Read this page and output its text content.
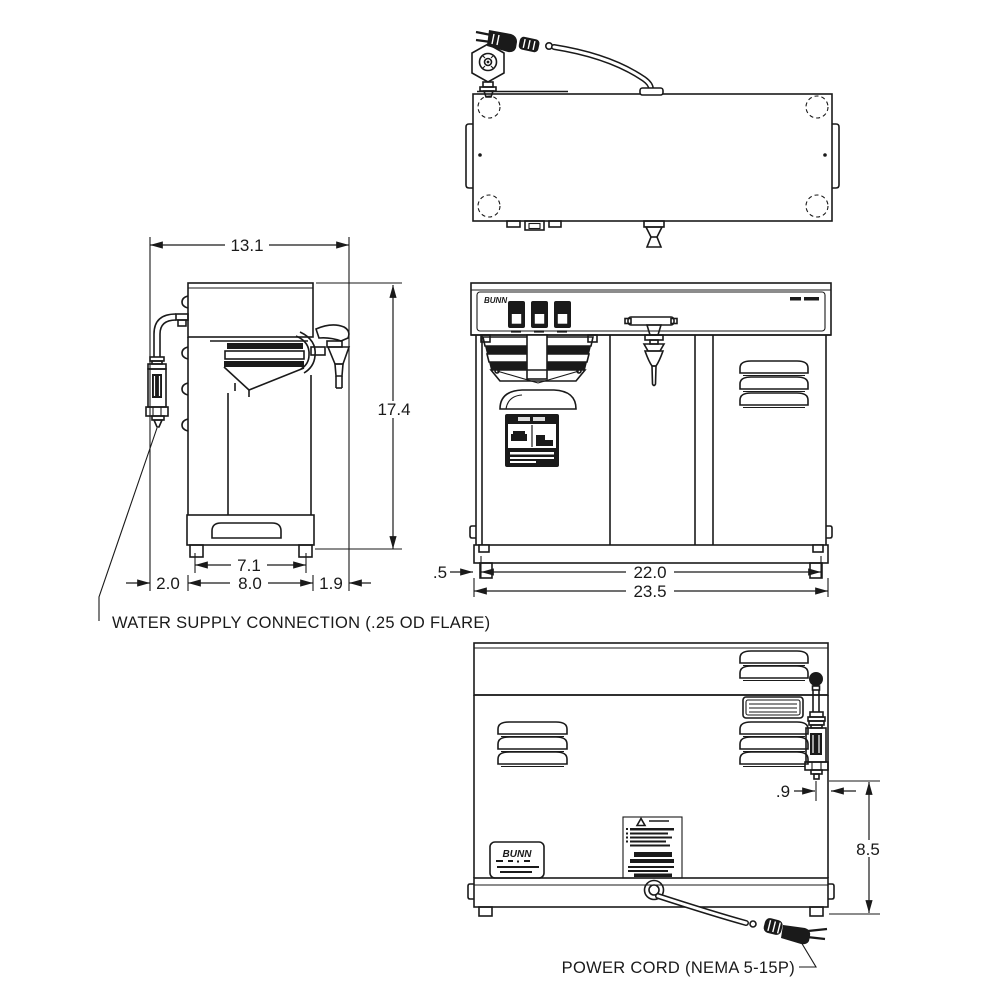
13.1
17.4
7.1
2.0	8.0	1.9
WATER SUPPLY CONNECTION (.25 OD FLARE)
BUNN
.5	22.0
23.5
BUNN
.9
8.5
POWER CORD (NEMA 5-15P)
